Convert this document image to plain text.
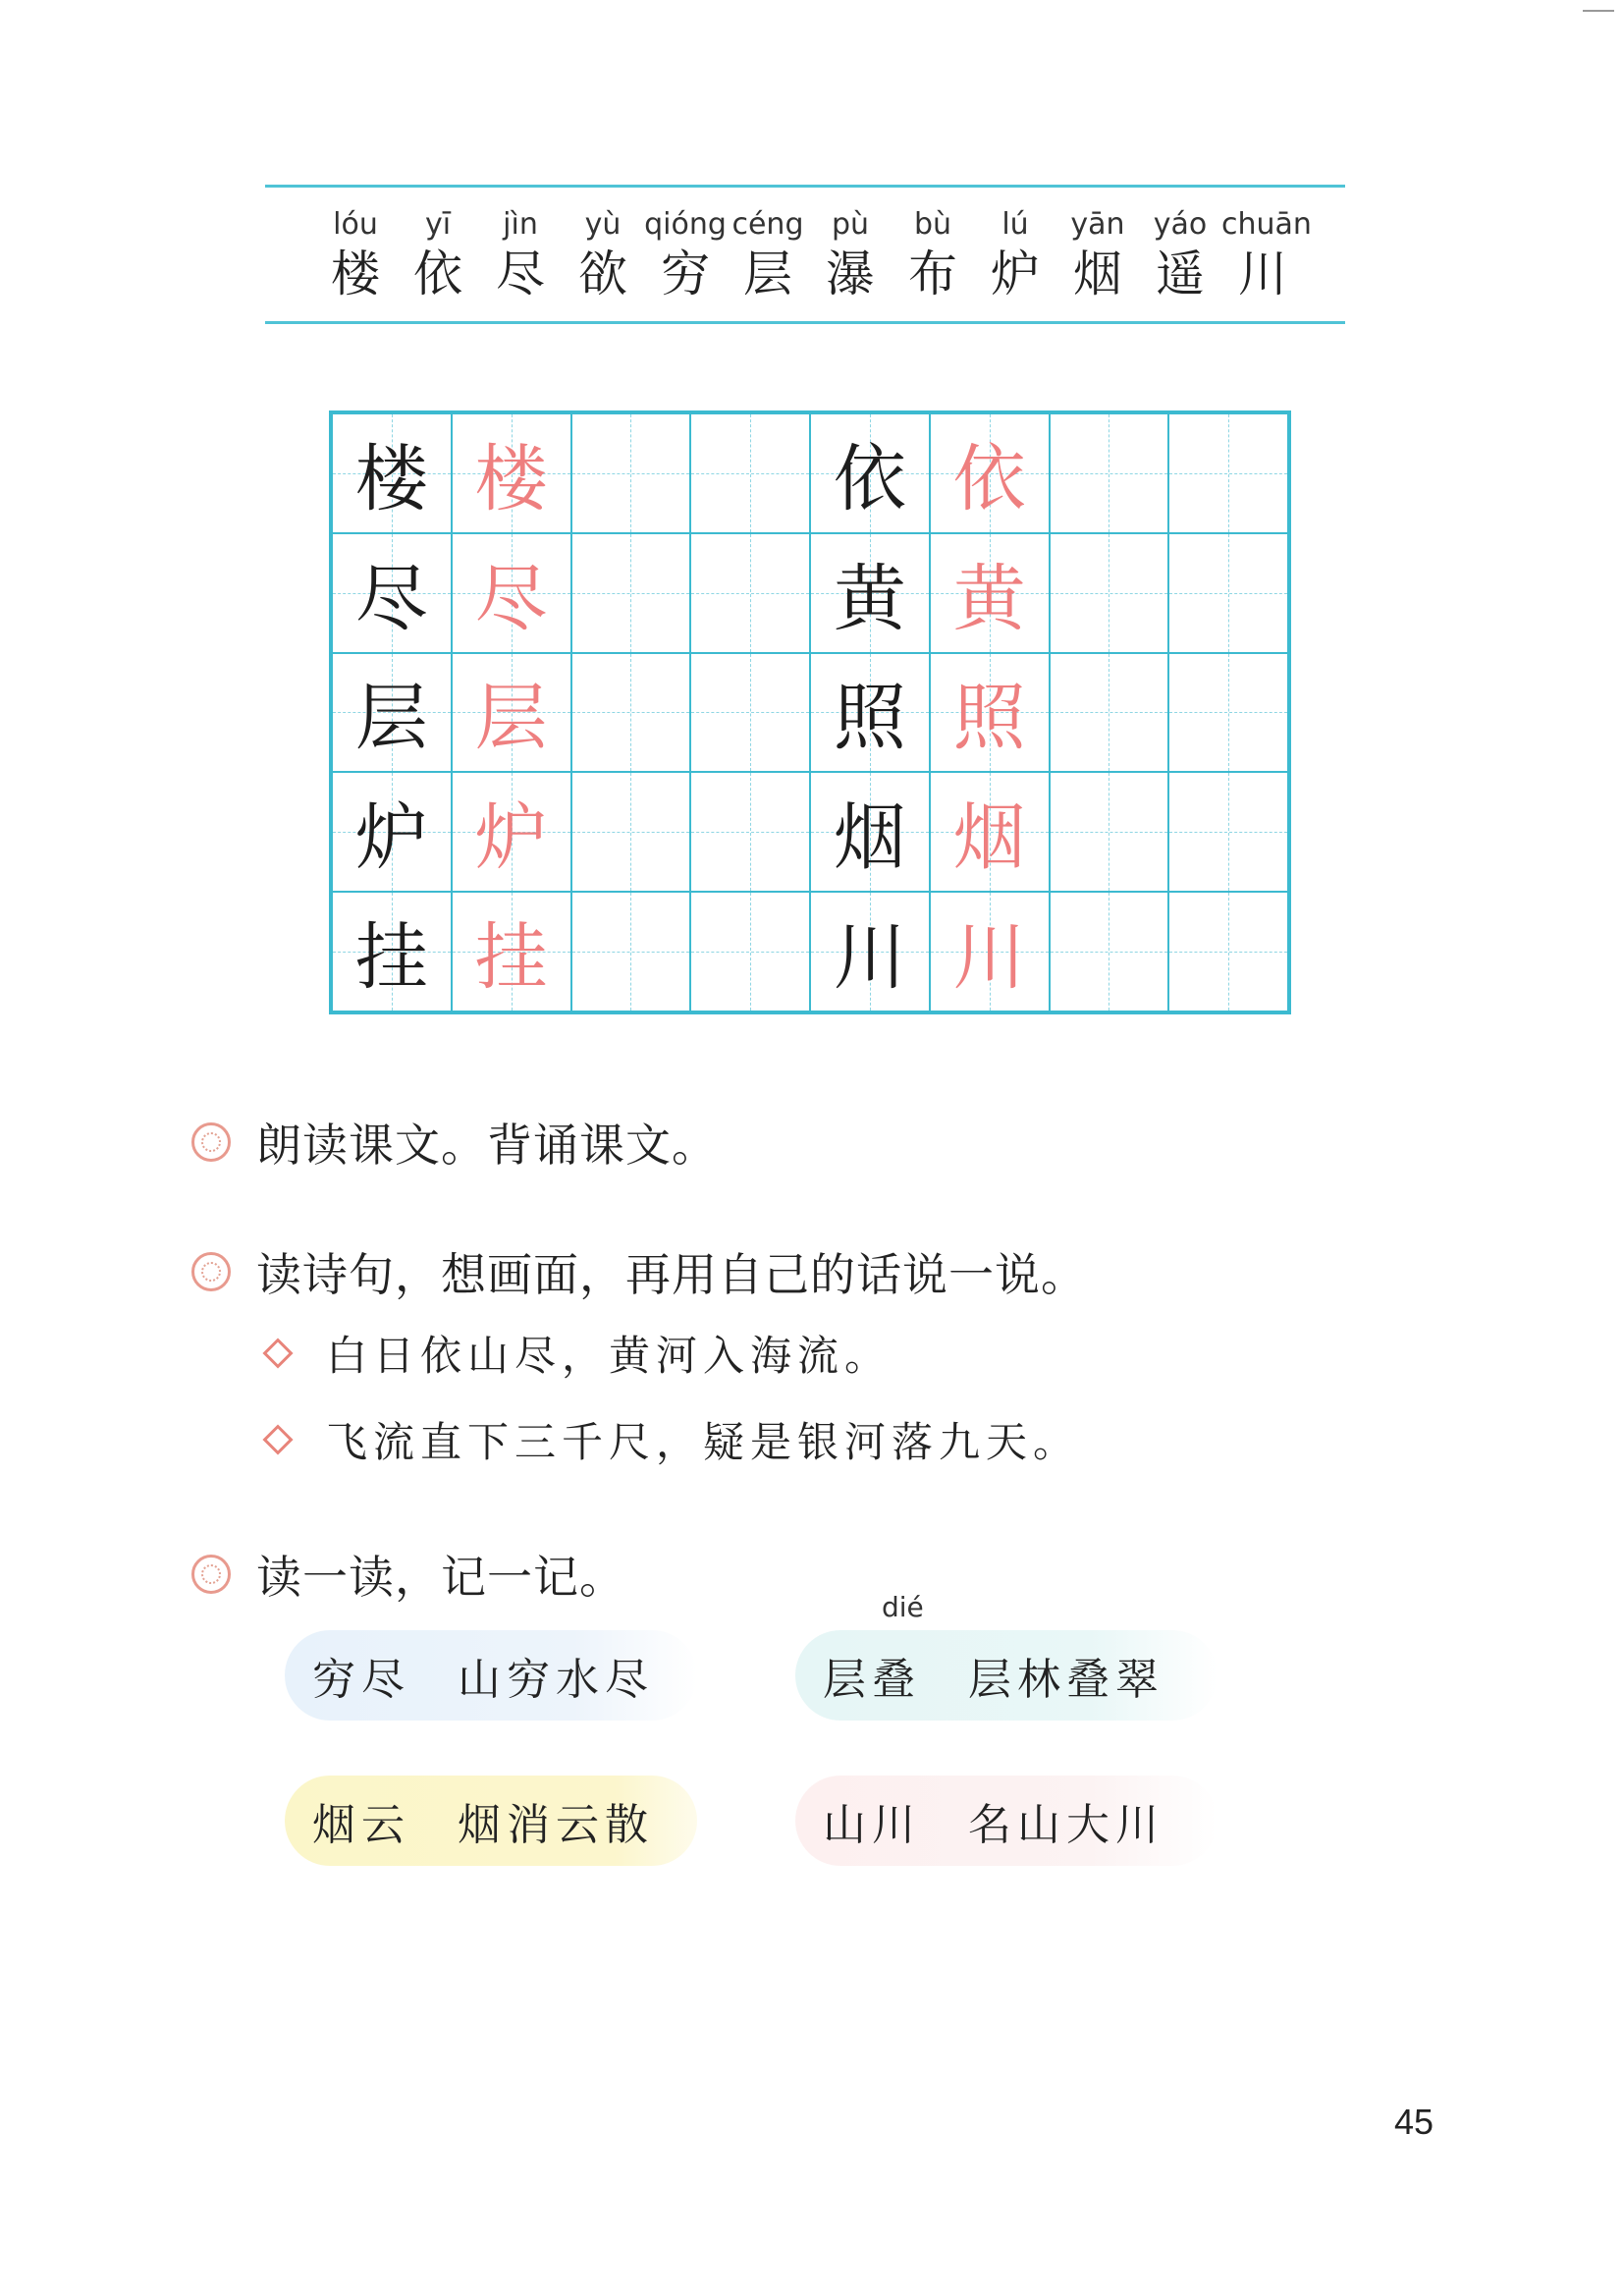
lóu
楼
yī
依
jìn
尽
yù
欲
qióng
穷
céng
层
pù
瀑
bù
布
lú
炉
yān
烟
yáo
遥
chuān
川
楼 楼	依 依
尽 尽	黄 黄
层 层	照 照
炉 炉	烟 烟
挂 挂	川 川
朗读课文。背诵课文。
读诗句，想画面，再用自己的话说一说。
白日依山尽，黄河入海流。
飞流直下三千尺，疑是银河落九天。
读一读，记一记。
穷尽 山穷水尽
dié
层叠 层林叠翠
烟云 烟消云散	山川 名山大川
45
